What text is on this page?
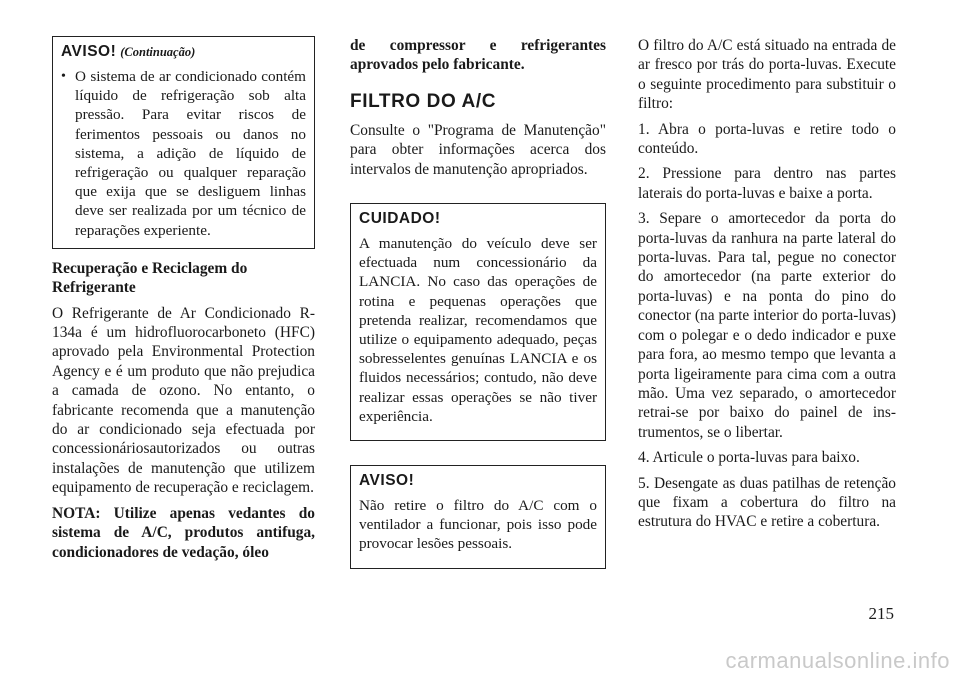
AVISO! (Continuação)
• O sistema de ar condicionado contém líquido de refrigeração sob alta pressão. Para evitar riscos de ferimentos pessoais ou danos no sistema, a adição de líquido de refrigeração ou qualquer reparação que exija que se desliguem linhas deve ser realizada por um técnico de reparações experiente.

Recuperação e Reciclagem do Refrigerante

O Refrigerante de Ar Condicionado R-134a é um hidrofluorocarboneto (HFC) aprovado pela Environmental Protection Agency e é um produto que não prejudica a camada de ozono. No entanto, o fabricante recomenda que a manutenção do ar condicionado seja efectuada por concessionáriosautorizados ou outras instalações de manutenção que utilizem equipamento de recuperação e reciclagem.

NOTA: Utilize apenas vedantes do sistema de A/C, produtos antifuga, condicionadores de vedação, óleo

de compressor e refrigerantes aprovados pelo fabricante.

FILTRO DO A/C

Consulte o "Programa de Manutenção" para obter informações acerca dos intervalos de manutenção apropriados.

CUIDADO!

A manutenção do veículo deve ser efectuada num concessionário da LANCIA. No caso das operações de rotina e pequenas operações que pretenda realizar, recomendamos que utilize o equipamento adequado, peças sobresselentes genuínas LANCIA e os fluidos necessários; contudo, não deve realizar essas operações se não tiver experiência.

AVISO!

Não retire o filtro do A/C com o ventilador a funcionar, pois isso pode provocar lesões pessoais.

O filtro do A/C está situado na entrada de ar fresco por trás do porta-luvas. Execute o seguinte procedimento para substituir o filtro:

1. Abra o porta-luvas e retire todo o conteúdo.

2. Pressione para dentro nas partes laterais do porta-luvas e baixe a porta.

3. Separe o amortecedor da porta do porta-luvas da ranhura na parte lateral do porta-luvas. Para tal, pegue no conector do amortecedor (na parte exterior do porta-luvas) e na ponta do pino do conector (na parte interior do porta-luvas) com o polegar e o dedo indicador e puxe para fora, ao mesmo tempo que levanta a porta ligeiramente para cima com a outra mão. Uma vez separado, o amortecedor retrai-se por baixo do painel de instrumentos, se o libertar.

4. Articule o porta-luvas para baixo.

5. Desengate as duas patilhas de retenção que fixam a cobertura do filtro na estrutura do HVAC e retire a cobertura.

215
carmanualsonline.info
